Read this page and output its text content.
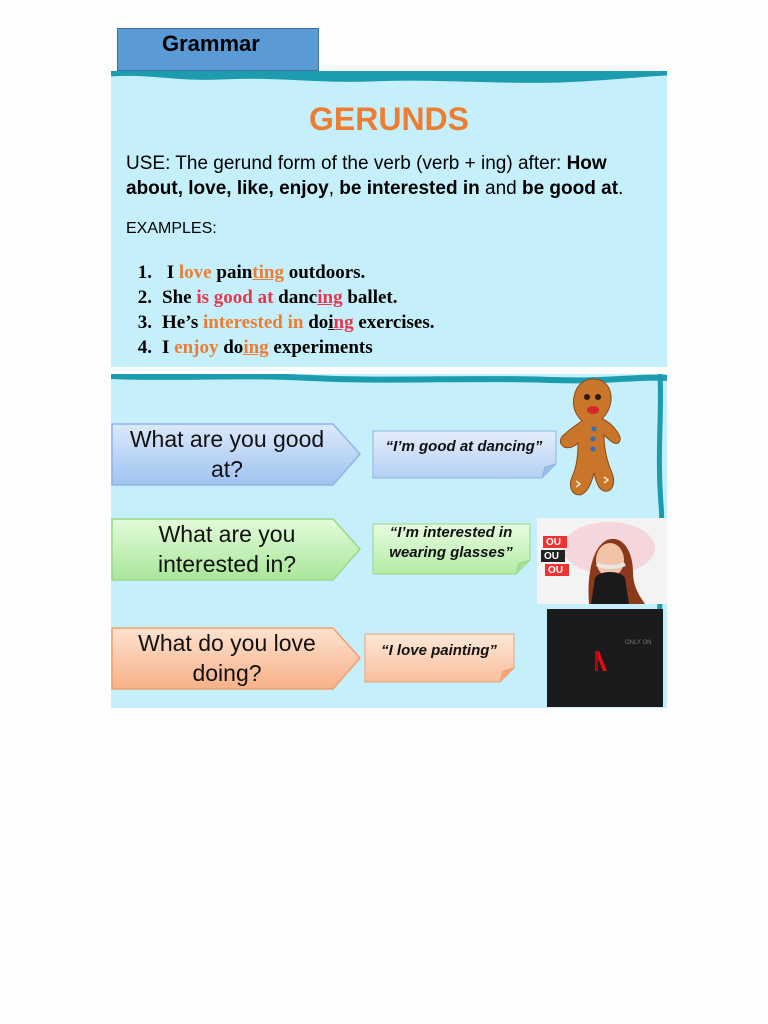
Grammar
GERUNDS
USE: The gerund form of the verb (verb + ing) after: How about, love, like, enjoy, be interested in and be good at.
EXAMPLES:
1. I love painting outdoors.
2. She is good at dancing ballet.
3. He’s interested in doing exercises.
4. I enjoy doing experiments
What are you good at?
“I’m good at dancing”
What are you interested in?
“I’m interested in wearing glasses”
OU
OU
OU
What do you love doing?
“I love painting”	ONLY ON
